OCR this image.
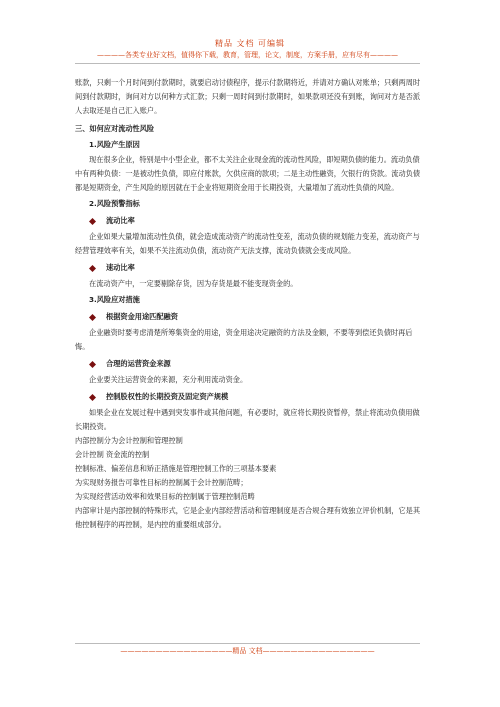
精品 文档 可编辑
————各类专业好文档，值得你下载，教育，管理，论文，制度，方案手册，应有尽有————

账款，只剩一个月时间到付款期时，就要启动讨债程序，提示付款期将近，并请对方确认对账单；只剩两周时间到付款期时，询问对方以何种方式汇款；只剩一周时间到付款期时，如果款项还没有到账，询问对方是否派人去取还是自己汇入账户。

三、如何应对流动性风险

1.风险产生原因

现在很多企业，特别是中小型企业，都不太关注企业现金流的流动性风险，即短期负债的能力。流动负债中有两种负债：一是被动性负债，即应付账款，欠供应商的款项；二是主动性融资，欠银行的贷款。流动负债都是短期资金，产生风险的原因就在于企业将短期资金用于长期投资，大量增加了流动性负债的风险。

2.风险预警指标

流动比率

企业如果大量增加流动性负债，就会造成流动资产的流动性变差，流动负债的规划能力变差，流动资产与经营管理效率有关，如果不关注流动负债，流动资产无法支撑，流动负债就会变成风险。

速动比率

在流动资产中，一定要剔除存货，因为存货是最不能变现资金的。

3.风险应对措施

根据资金用途匹配融资

企业融资时要考虑清楚所筹集资金的用途，资金用途决定融资的方法及金额，不要等到偿还负债时再后悔。

合理的运营资金来源

企业要关注运营资金的来源，充分利用流动资金。

控制股权性的长期投资及固定资产规模

如果企业在发展过程中遇到突发事件或其他问题，有必要时，就应将长期投资暂停，禁止将流动负债用做长期投资。

内部控制分为会计控制和管理控制

会计控制 资金流的控制

控制标准、偏差信息和矫正措施是管理控制工作的三项基本要素

为实现财务报告可靠性目标的控制属于会计控制范畴；

为实现经营活动效率和效果目标的控制属于管理控制范畴

内部审计是内部控制的特殊形式，它是企业内部经营活动和管理制度是否合规合理有效独立评价机制，它是其他控制程序的再控制，是内控的重要组成部分。

————————————————精品 文档————————————————
